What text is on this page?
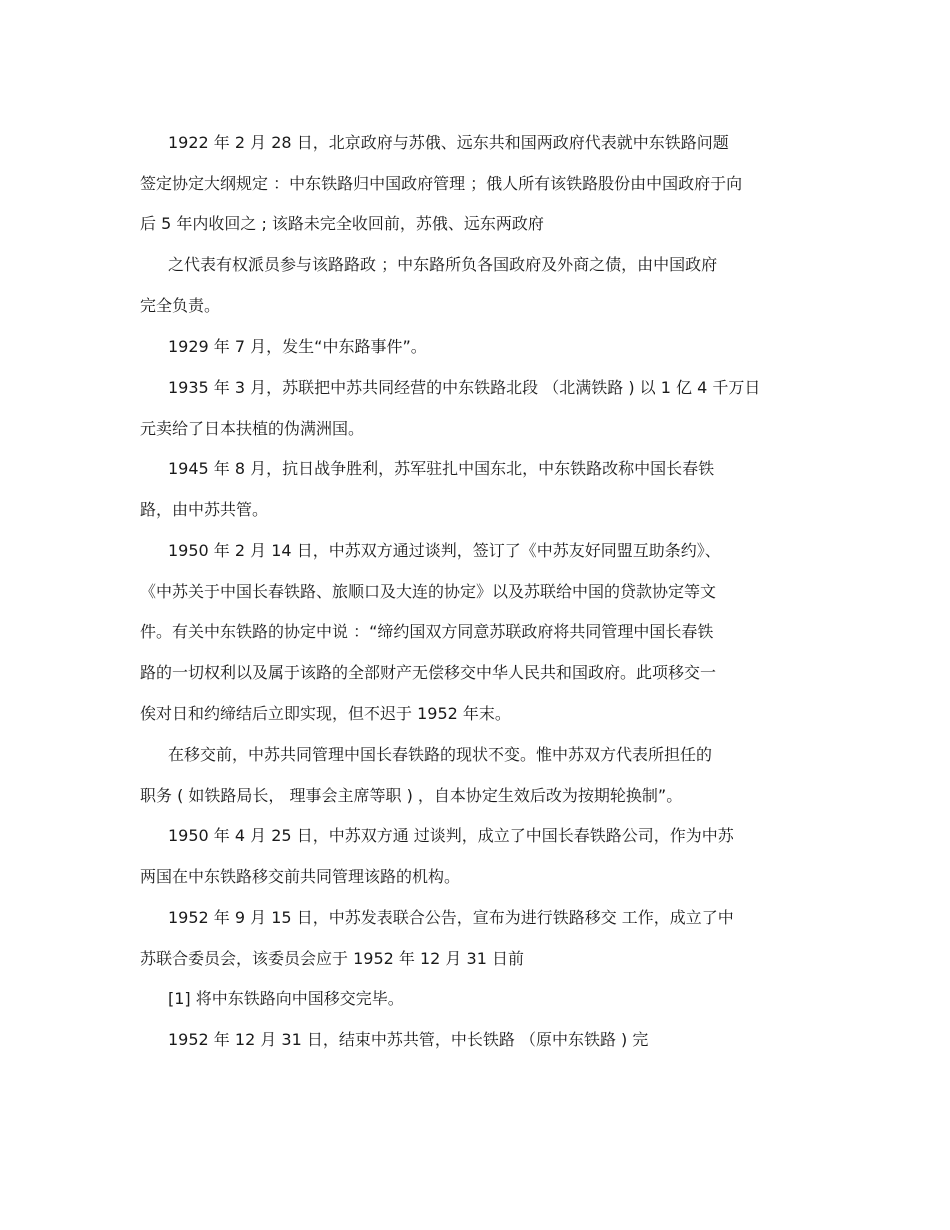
1922 年 2 月 28 日，北京政府与苏俄、远东共和国两政府代表就中东铁路问题
签定协定大纲规定 ：中东铁路归中国政府管理 ；俄人所有该铁路股份由中国政府于向
后 5 年内收回之 ; 该路未完全收回前，苏俄、远东两政府
之代表有权派员参与该路路政 ；中东路所负各国政府及外商之债，由中国政府
完全负责。
1929 年 7 月，发生“中东路事件”。
1935 年 3 月，苏联把中苏共同经营的中东铁路北段 （北满铁路 ) 以 1 亿 4 千万日
元卖给了日本扶植的伪满洲国。
1945 年 8 月，抗日战争胜利，苏军驻扎中国东北，中东铁路改称中国长春铁
路，由中苏共管。
1950 年 2 月 14 日，中苏双方通过谈判，签订了《中苏友好同盟互助条约》、
《中苏关于中国长春铁路、旅顺口及大连的协定》以及苏联给中国的贷款协定等文
件。有关中东铁路的协定中说 ：“缔约国双方同意苏联政府将共同管理中国长春铁
路的一切权利以及属于该路的全部财产无偿移交中华人民共和国政府。此项移交一
俟对日和约缔结后立即实现，但不迟于 1952 年末。
在移交前，中苏共同管理中国长春铁路的现状不变。惟中苏双方代表所担任的
职务 ( 如铁路局长， 理事会主席等职 ) ，自本协定生效后改为按期轮换制”。
1950 年 4 月 25 日，中苏双方通 过谈判，成立了中国长春铁路公司，作为中苏
两国在中东铁路移交前共同管理该路的机构。
1952 年 9 月 15 日，中苏发表联合公告，宣布为进行铁路移交 工作，成立了中
苏联合委员会，该委员会应于 1952 年 12 月 31 日前
[1] 将中东铁路向中国移交完毕。
1952 年 12 月 31 日，结束中苏共管，中长铁路 （原中东铁路 ) 完
